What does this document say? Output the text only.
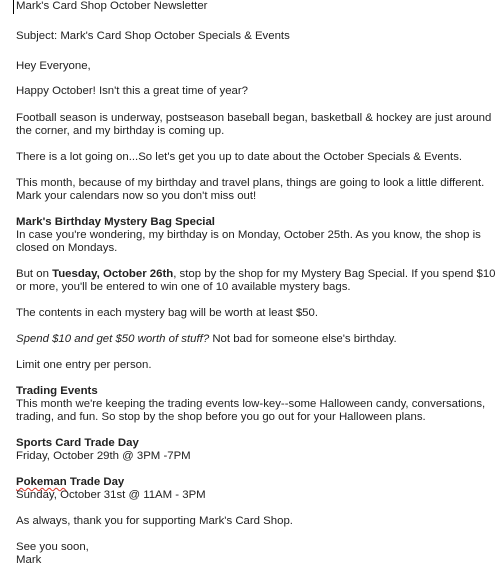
Mark's Card Shop October Newsletter
Subject: Mark's Card Shop October Specials & Events
Hey Everyone,
Happy October! Isn't this a great time of year?
Football season is underway, postseason baseball began, basketball & hockey are just around
the corner, and my birthday is coming up.
There is a lot going on...So let's get you up to date about the October Specials & Events.
This month, because of my birthday and travel plans, things are going to look a little different.
Mark your calendars now so you don't miss out!
Mark's Birthday Mystery Bag Special
In case you're wondering, my birthday is on Monday, October 25th. As you know, the shop is
closed on Mondays.
But on Tuesday, October 26th, stop by the shop for my Mystery Bag Special. If you spend $10
or more, you'll be entered to win one of 10 available mystery bags.
The contents in each mystery bag will be worth at least $50.
Spend $10 and get $50 worth of stuff? Not bad for someone else's birthday.
Limit one entry per person.
Trading Events
This month we're keeping the trading events low-key--some Halloween candy, conversations,
trading, and fun. So stop by the shop before you go out for your Halloween plans.
Sports Card Trade Day
Friday, October 29th @ 3PM -7PM
Pokeman Trade Day
Sunday, October 31st @ 11AM - 3PM
As always, thank you for supporting Mark's Card Shop.
See you soon,
Mark
